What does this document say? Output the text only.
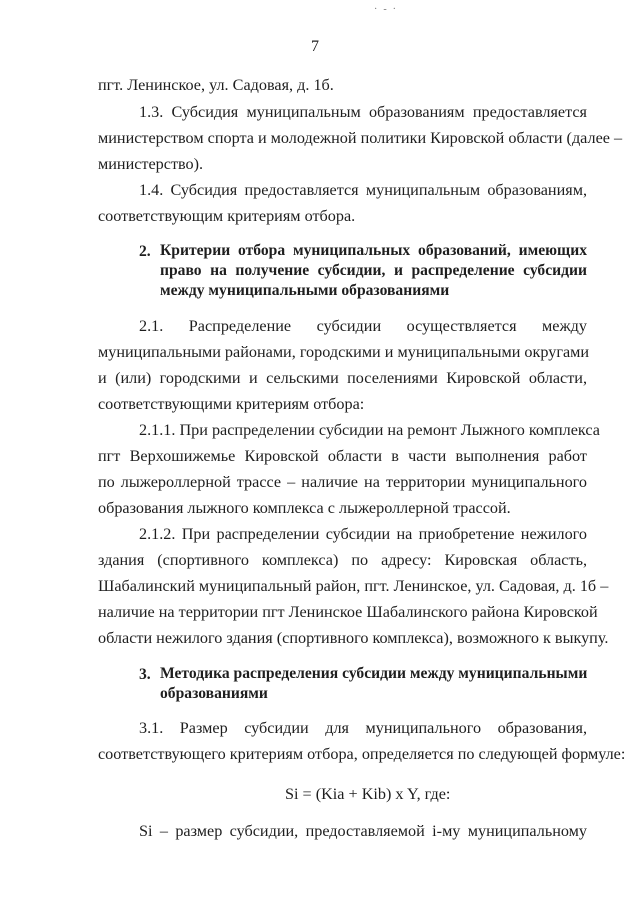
·-·
7
пгт. Ленинское, ул. Садовая, д. 1б.
1.3. Субсидия муниципальным образованиям предоставляется
министерством спорта и молодежной политики Кировской области (далее –
министерство).
1.4. Субсидия предоставляется муниципальным образованиям,
соответствующим критериям отбора.
2. Критерии отбора муниципальных образований, имеющих
право на получение субсидии, и распределение субсидии
между муниципальными образованиями
2.1. Распределение субсидии осуществляется между
муниципальными районами, городскими и муниципальными округами
и (или) городскими и сельскими поселениями Кировской области,
соответствующими критериям отбора:
2.1.1. При распределении субсидии на ремонт Лыжного комплекса
пгт Верхошижемье Кировской области в части выполнения работ
по лыжероллерной трассе – наличие на территории муниципального
образования лыжного комплекса с лыжероллерной трассой.
2.1.2. При распределении субсидии на приобретение нежилого
здания (спортивного комплекса) по адресу: Кировская область,
Шабалинский муниципальный район, пгт. Ленинское, ул. Садовая, д. 1б –
наличие на территории пгт Ленинское Шабалинского района Кировской
области нежилого здания (спортивного комплекса), возможного к выкупу.
3. Методика распределения субсидии между муниципальными
образованиями
3.1. Размер субсидии для муниципального образования,
соответствующего критериям отбора, определяется по следующей формуле:
Si = (Kia + Kib) x Y, где:
Si – размер субсидии, предоставляемой i-му муниципальному
